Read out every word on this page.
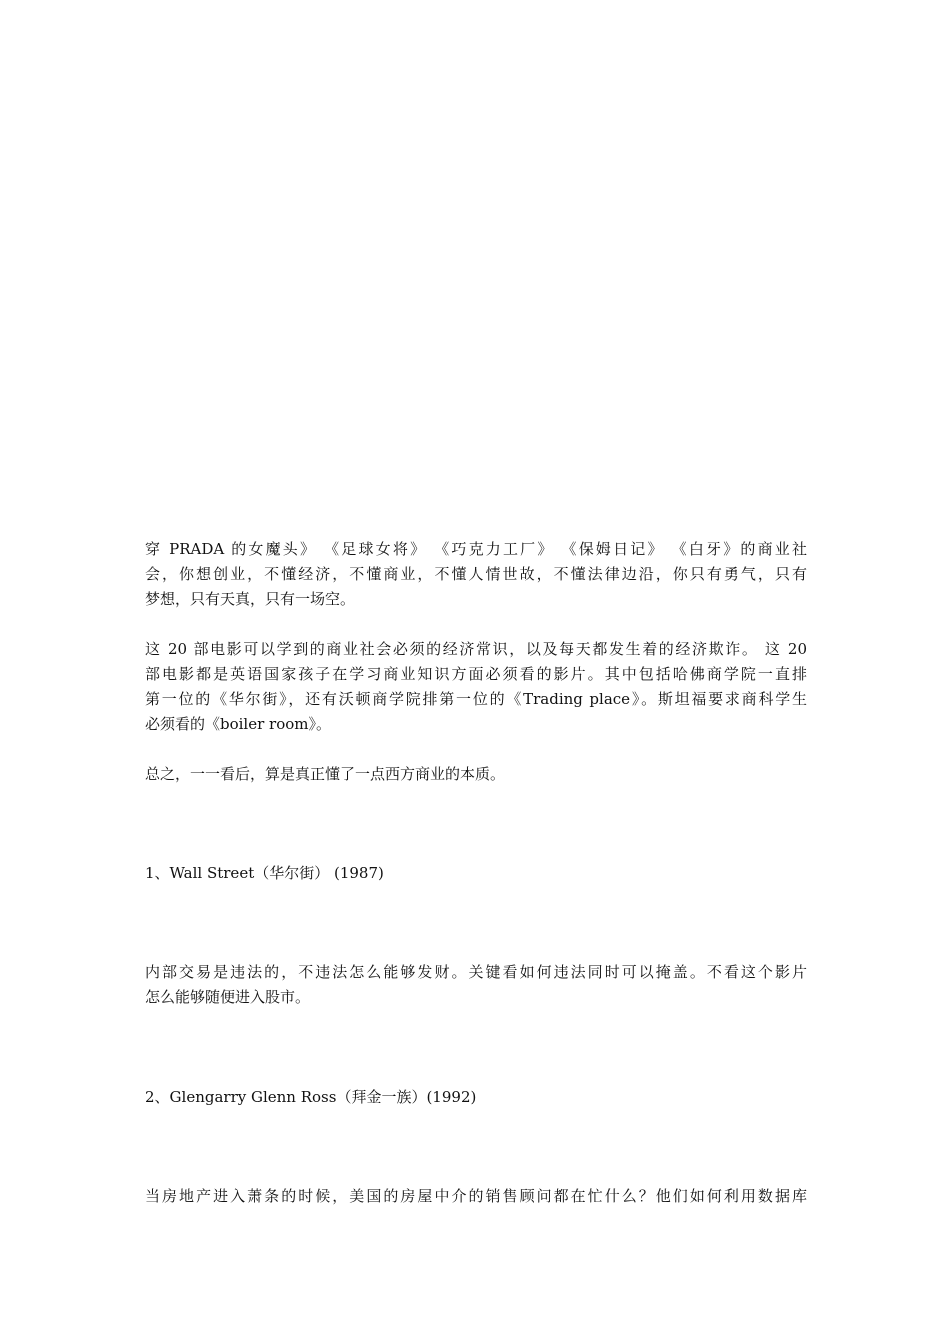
穿 PRADA 的女魔头》 《足球女将》 《巧克力工厂》 《保姆日记》 《白牙》的商业社
会，你想创业，不懂经济，不懂商业，不懂人情世故，不懂法律边沿，你只有勇气，只有
梦想，只有天真，只有一场空。
这 20 部电影可以学到的商业社会必须的经济常识，以及每天都发生着的经济欺诈。 这 20
部电影都是英语国家孩子在学习商业知识方面必须看的影片。其中包括哈佛商学院一直排
第一位的《华尔街》，还有沃顿商学院排第一位的《Trading place》。斯坦福要求商科学生
必须看的《boiler room》。
总之，一一看后，算是真正懂了一点西方商业的本质。
1、Wall Street（华尔街） (1987)
内部交易是违法的，不违法怎么能够发财。关键看如何违法同时可以掩盖。不看这个影片
怎么能够随便进入股市。
2、Glengarry Glenn Ross（拜金一族）(1992)
当房地产进入萧条的时候，美国的房屋中介的销售顾问都在忙什么？他们如何利用数据库
